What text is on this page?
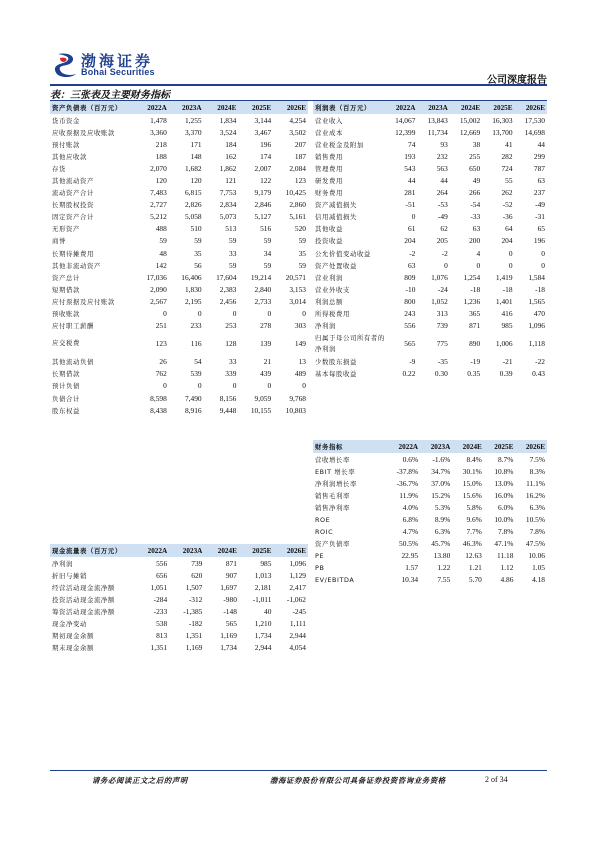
渤海证券
Bohai Securities
公司深度报告
表：三张表及主要财务指标
资产负债表（百万元）	2022A	2023A	2024E	2025E	2026E
货币资金	1,478	1,255	1,834	3,144	4,254
应收票据及应收账款	3,360	3,370	3,524	3,467	3,502
预付账款	218	171	184	196	207
其他应收款	188	148	162	174	187
存货	2,070	1,682	1,862	2,007	2,084
其他流动资产	120	120	121	122	123
流动资产合计	7,483	6,815	7,753	9,179	10,425
长期股权投资	2,727	2,826	2,834	2,846	2,860
固定资产合计	5,212	5,058	5,073	5,127	5,161
无形资产	488	510	513	516	520
商誉	59	59	59	59	59
长期待摊费用	48	35	33	34	35
其他非流动资产	142	56	59	59	59
资产总计	17,036	16,406	17,604	19,214	20,571
短期借款	2,090	1,830	2,383	2,840	3,153
应付票据及应付账款	2,567	2,195	2,456	2,733	3,014
预收账款	0	0	0	0	0
应付职工薪酬	251	233	253	278	303
应交税费	123	116	128	139	149
其他流动负债	26	54	33	21	13
长期借款	762	539	339	439	489
预计负债	0	0	0	0	0
负债合计	8,598	7,490	8,156	9,059	9,768
股东权益	8,438	8,916	9,448	10,155	10,803
利润表（百万元）	2022A	2023A	2024E	2025E	2026E
营业收入	14,067	13,843	15,002	16,303	17,530
营业成本	12,399	11,734	12,669	13,700	14,698
营业税金及附加	74	93	38	41	44
销售费用	193	232	255	282	299
管理费用	543	563	650	724	787
研发费用	44	44	49	55	63
财务费用	281	264	266	262	237
资产减值损失	-51	-53	-54	-52	-49
信用减值损失	0	-49	-33	-36	-31
其他收益	61	62	63	64	65
投资收益	204	205	200	204	196
公允价值变动收益	-2	-2	4	0	0
资产处置收益	63	0	0	0	0
营业利润	809	1,076	1,254	1,419	1,584
营业外收支	-10	-24	-18	-18	-18
利润总额	800	1,052	1,236	1,401	1,565
所得税费用	243	313	365	416	470
净利润	556	739	871	985	1,096
归属于母公司所有者的净利润	565	775	890	1,006	1,118
少数股东损益	-9	-35	-19	-21	-22
基本每股收益	0.22	0.30	0.35	0.39	0.43
财务指标	2022A	2023A	2024E	2025E	2026E
营收增长率	0.6%	-1.6%	8.4%	8.7%	7.5%
EBIT 增长率	-37.8%	34.7%	30.1%	10.8%	8.3%
净利润增长率	-36.7%	37.0%	15.0%	13.0%	11.1%
销售毛利率	11.9%	15.2%	15.6%	16.0%	16.2%
销售净利率	4.0%	5.3%	5.8%	6.0%	6.3%
ROE	6.8%	8.9%	9.6%	10.0%	10.5%
ROIC	4.7%	6.3%	7.7%	7.8%	7.8%
资产负债率	50.5%	45.7%	46.3%	47.1%	47.5%
PE	22.95	13.80	12.63	11.18	10.06
PB	1.57	1.22	1.21	1.12	1.05
EV/EBITDA	10.34	7.55	5.70	4.86	4.18
现金流量表（百万元）	2022A	2023A	2024E	2025E	2026E
净利润	556	739	871	985	1,096
折旧与摊销	656	620	907	1,013	1,129
经营活动现金流净额	1,051	1,507	1,697	2,181	2,417
投资活动现金流净额	-284	-312	-980	-1,011	-1,062
筹资活动现金流净额	-233	-1,385	-148	40	-245
现金净变动	538	-182	565	1,210	1,111
期初现金余额	813	1,351	1,169	1,734	2,944
期末现金余额	1,351	1,169	1,734	2,944	4,054
请务必阅读正文之后的声明	渤海证券股份有限公司具备证券投资咨询业务资格	2 of 34
